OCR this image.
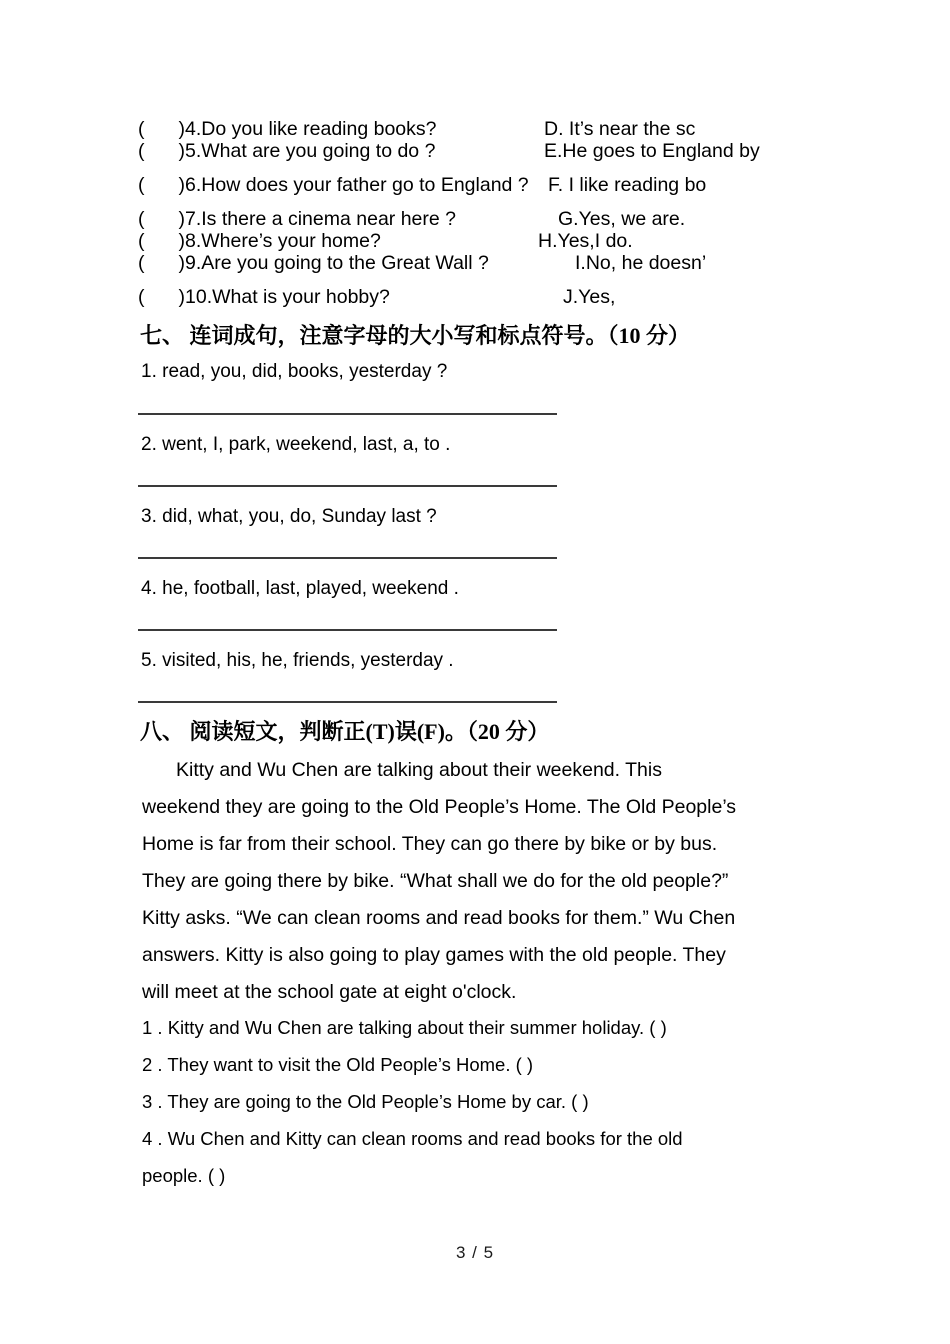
( )4.Do you like reading books?	D. It’s near the sc
( )5.What are you going to do ?	E.He goes to England by
( )6.How does your father go to England ? F. I like reading bo
( )7.Is there a cinema near here ?	G.Yes, we are.
( )8.Where’s your home?	H.Yes,I do.
( )9.Are you going to the Great Wall ?	I.No, he doesn’
( )10.What is your hobby?	J.Yes,
七、 连词成句，注意字母的大小写和标点符号。（10 分）
1. read, you, did, books, yesterday ?
2. went, I, park, weekend, last, a, to .
3. did, what, you, do, Sunday last ?
4. he, football, last, played, weekend .
5. visited, his, he, friends, yesterday .
八、 阅读短文，判断正(T)误(F)。（20 分）
Kitty and Wu Chen are talking about their weekend. This
weekend they are going to the Old People’s Home. The Old People’s
Home is far from their school. They can go there by bike or by bus.
They are going there by bike. “What shall we do for the old people?”
Kitty asks. “We can clean rooms and read books for them.” Wu Chen
answers. Kitty is also going to play games with the old people. They
will meet at the school gate at eight o'clock.
1 . Kitty and Wu Chen are talking about their summer holiday. ( )
2 . They want to visit the Old People’s Home. ( )
3 . They are going to the Old People’s Home by car. ( )
4 . Wu Chen and Kitty can clean rooms and read books for the old
people. ( )
3 / 5
